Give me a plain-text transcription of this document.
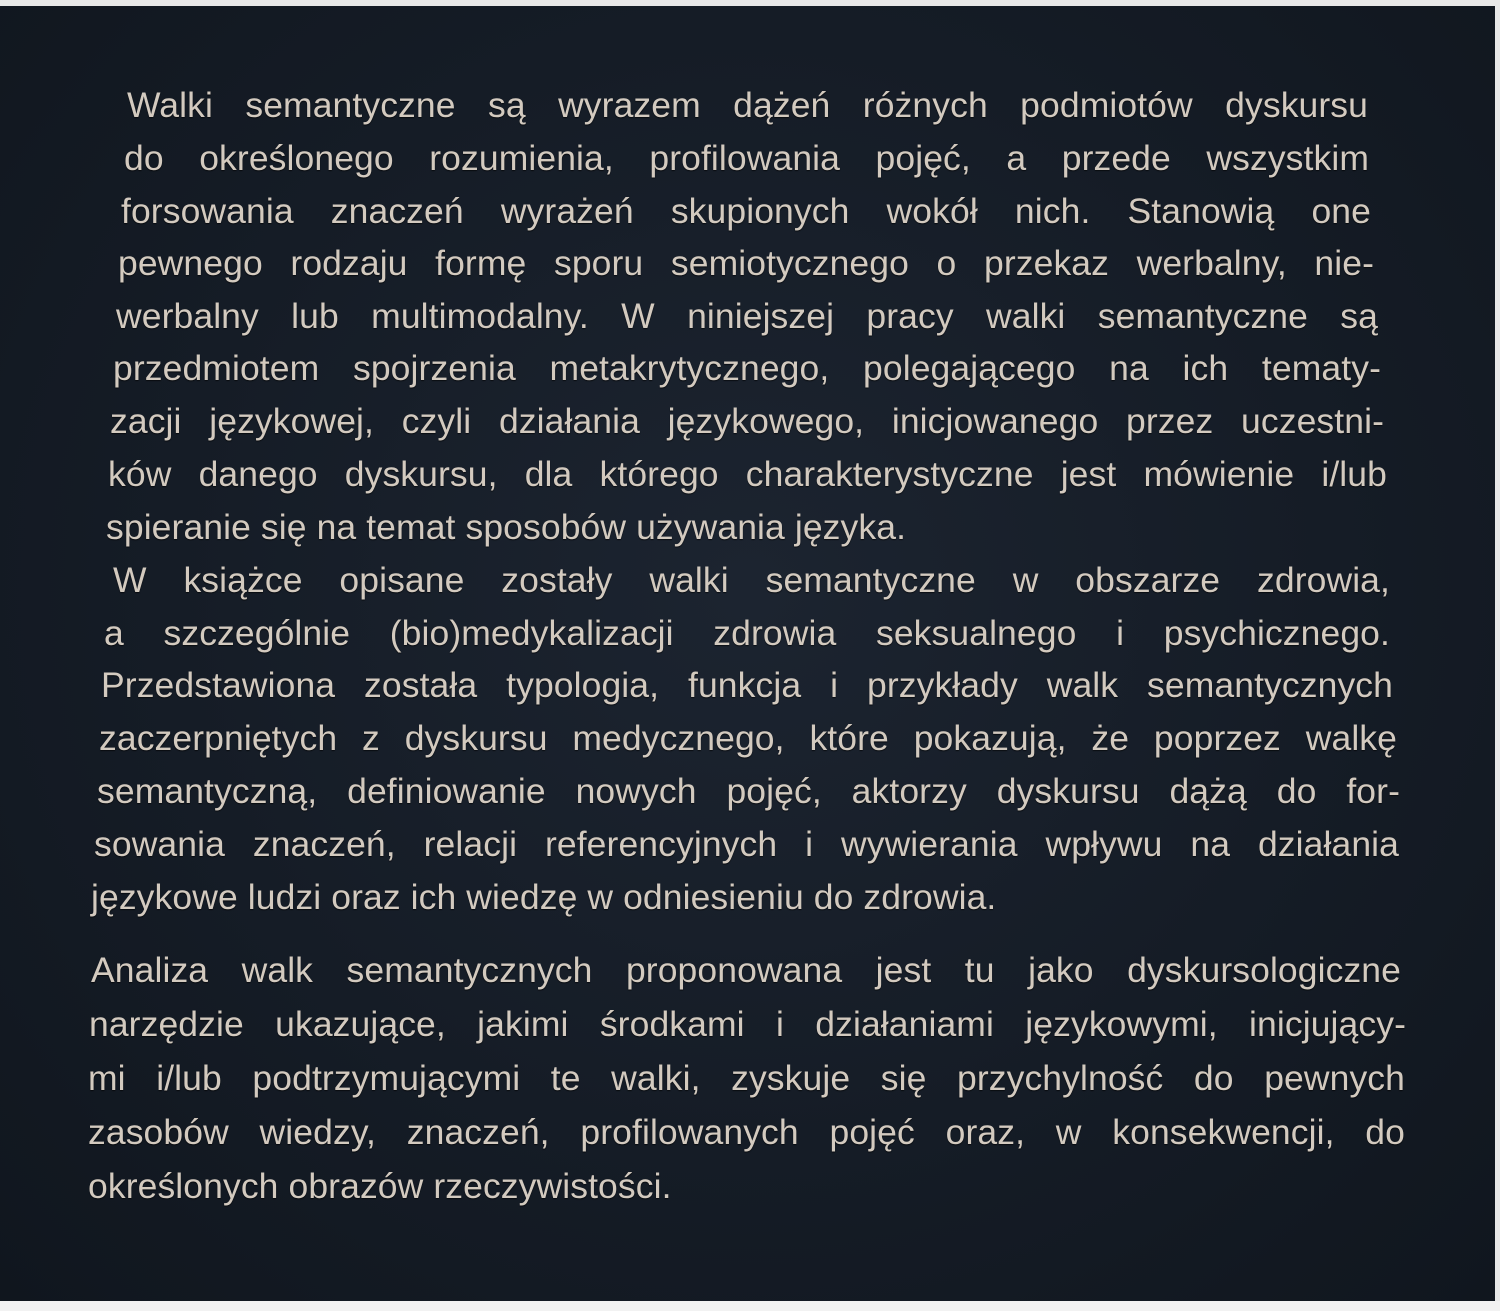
Walki semantyczne są wyrazem dążeń różnych podmiotów dyskursu
do określonego rozumienia, profilowania pojęć, a przede wszystkim
forsowania znaczeń wyrażeń skupionych wokół nich. Stanowią one
pewnego rodzaju formę sporu semiotycznego o przekaz werbalny, nie-
werbalny lub multimodalny. W niniejszej pracy walki semantyczne są
przedmiotem spojrzenia metakrytycznego, polegającego na ich tematy-
zacji językowej, czyli działania językowego, inicjowanego przez uczestni-
ków danego dyskursu, dla którego charakterystyczne jest mówienie i/lub
spieranie się na temat sposobów używania języka.
W książce opisane zostały walki semantyczne w obszarze zdrowia,
a szczególnie (bio)medykalizacji zdrowia seksualnego i psychicznego.
Przedstawiona została typologia, funkcja i przykłady walk semantycznych
zaczerpniętych z dyskursu medycznego, które pokazują, że poprzez walkę
semantyczną, definiowanie nowych pojęć, aktorzy dyskursu dążą do for-
sowania znaczeń, relacji referencyjnych i wywierania wpływu na działania
językowe ludzi oraz ich wiedzę w odniesieniu do zdrowia.
Analiza walk semantycznych proponowana jest tu jako dyskursologiczne
narzędzie ukazujące, jakimi środkami i działaniami językowymi, inicjujący-
mi i/lub podtrzymującymi te walki, zyskuje się przychylność do pewnych
zasobów wiedzy, znaczeń, profilowanych pojęć oraz, w konsekwencji, do
określonych obrazów rzeczywistości.
